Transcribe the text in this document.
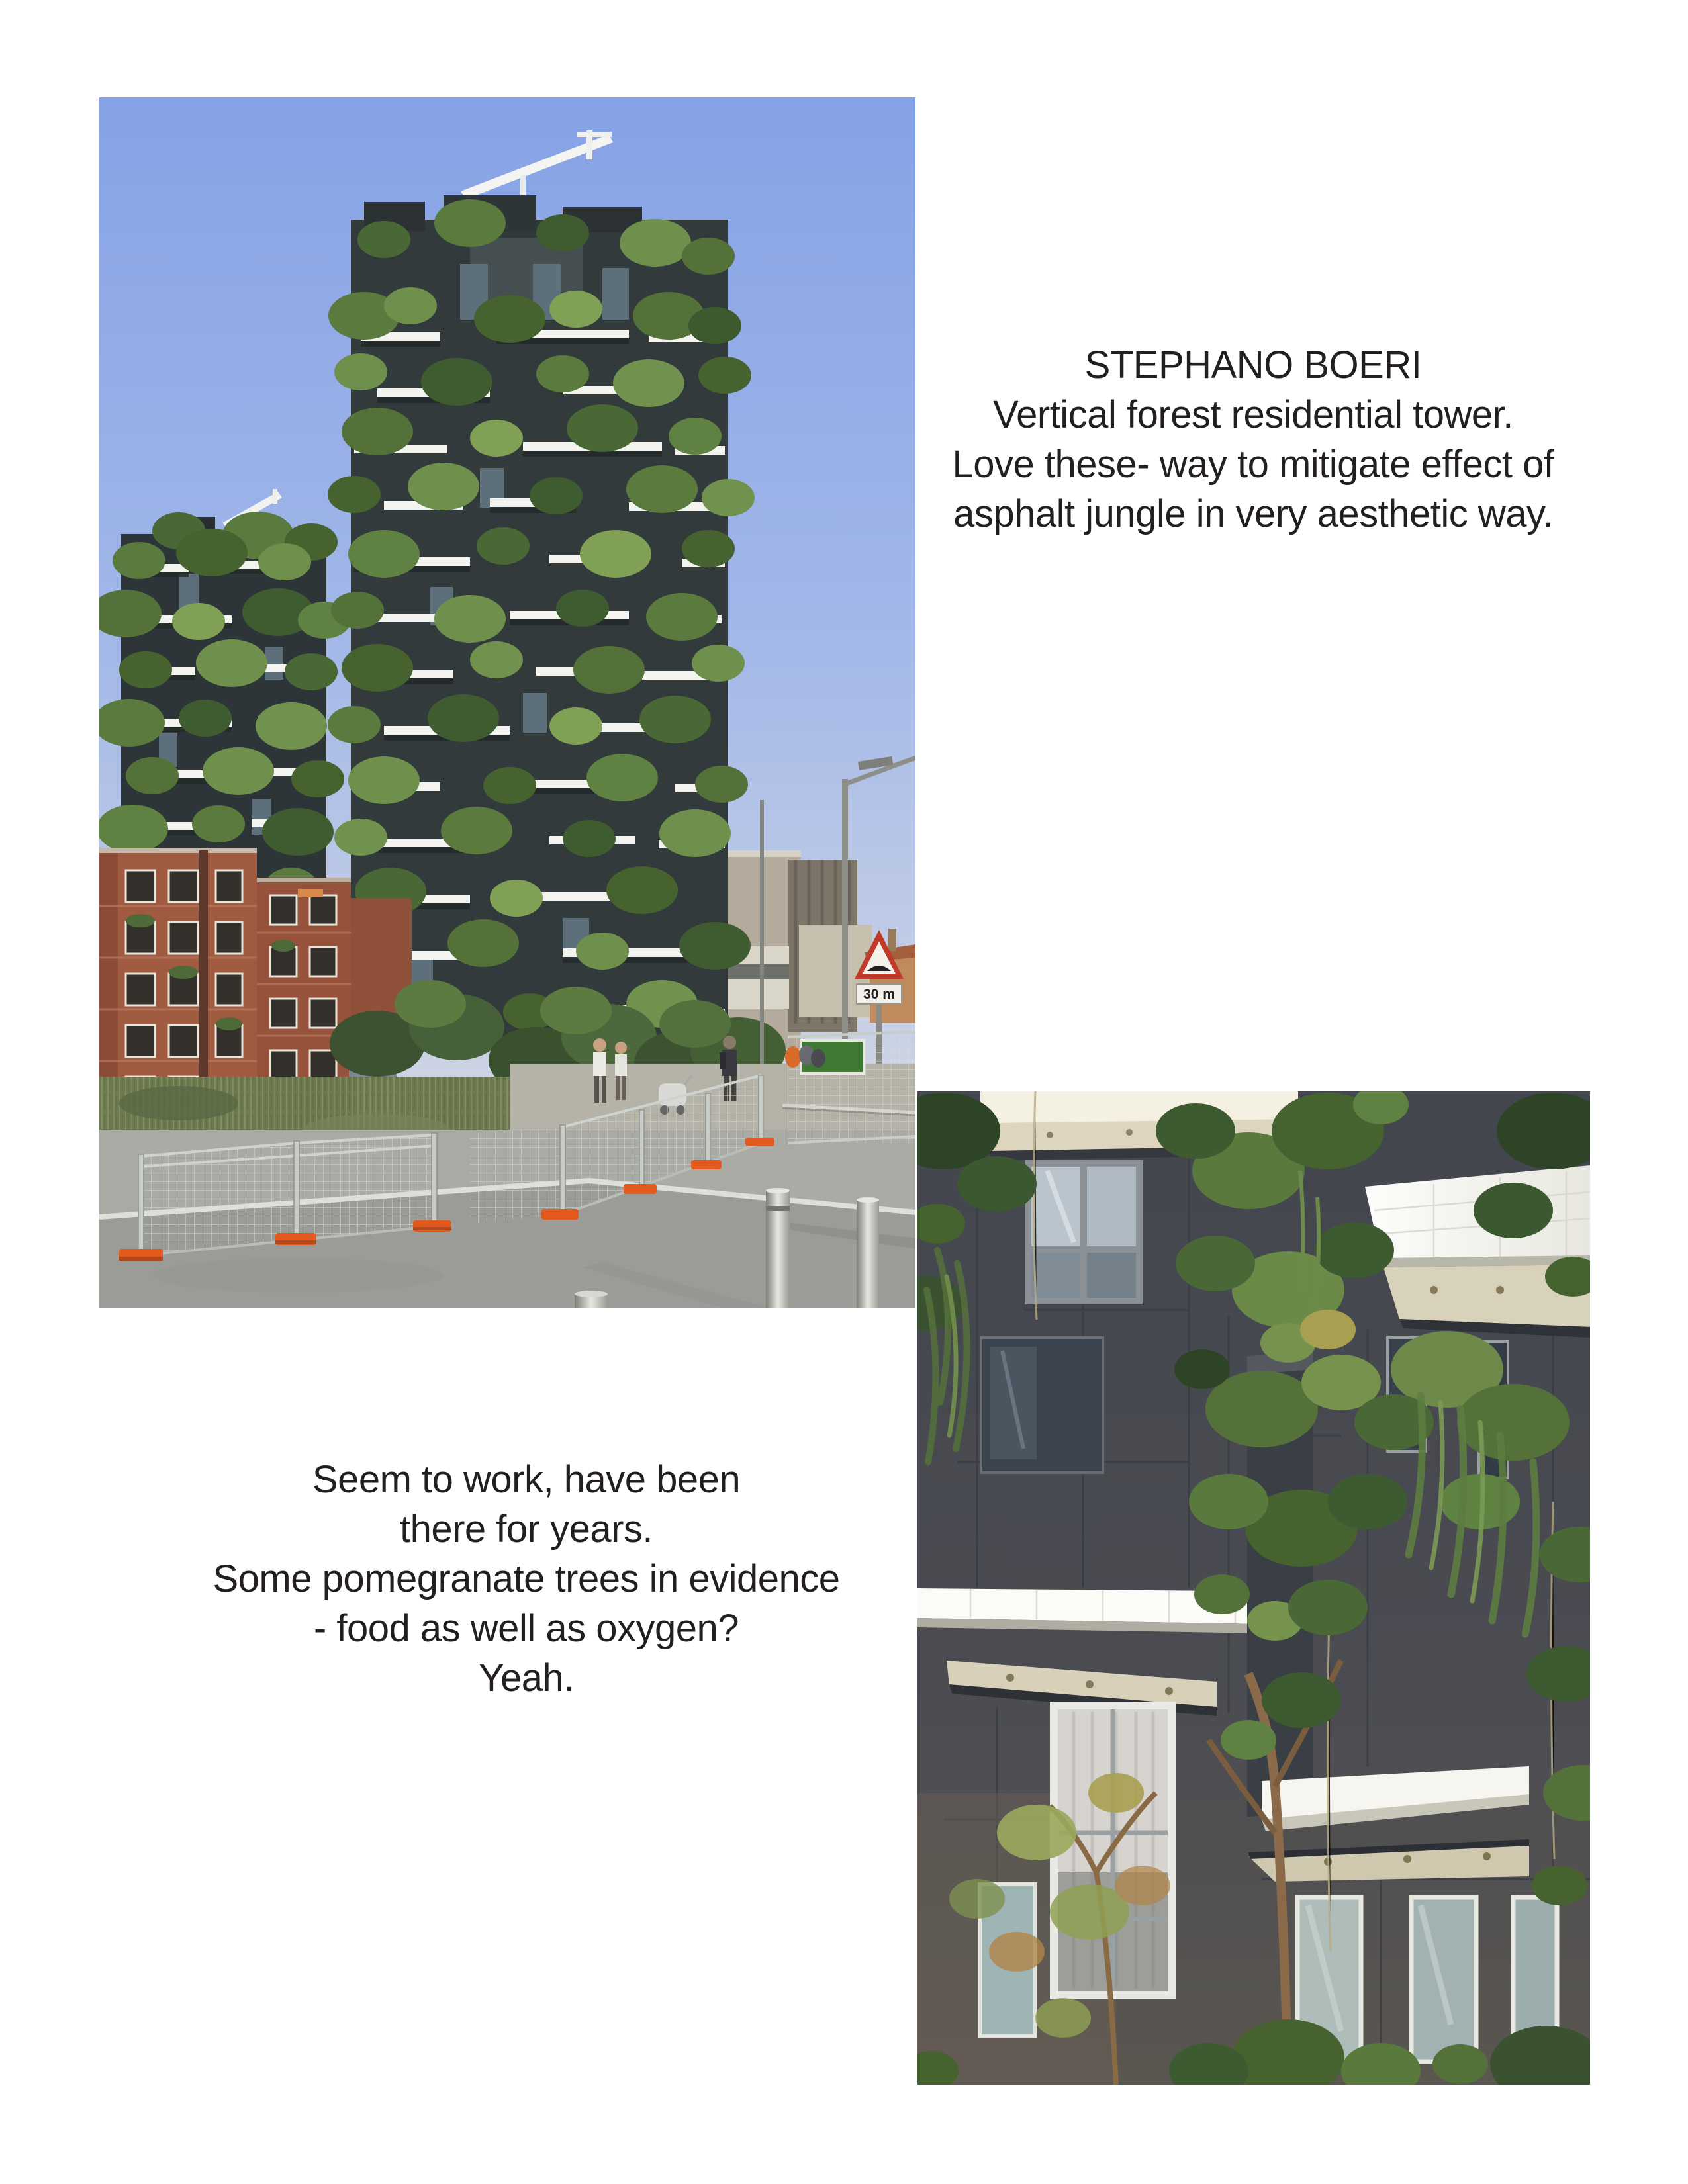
30 m
STEPHANO BOERI
Vertical forest residential tower.
Love these- way to mitigate effect of
asphalt jungle in very aesthetic way.
Seem to work, have been
there for years.
Some pomegranate trees in evidence
- food as well as oxygen?
Yeah.
